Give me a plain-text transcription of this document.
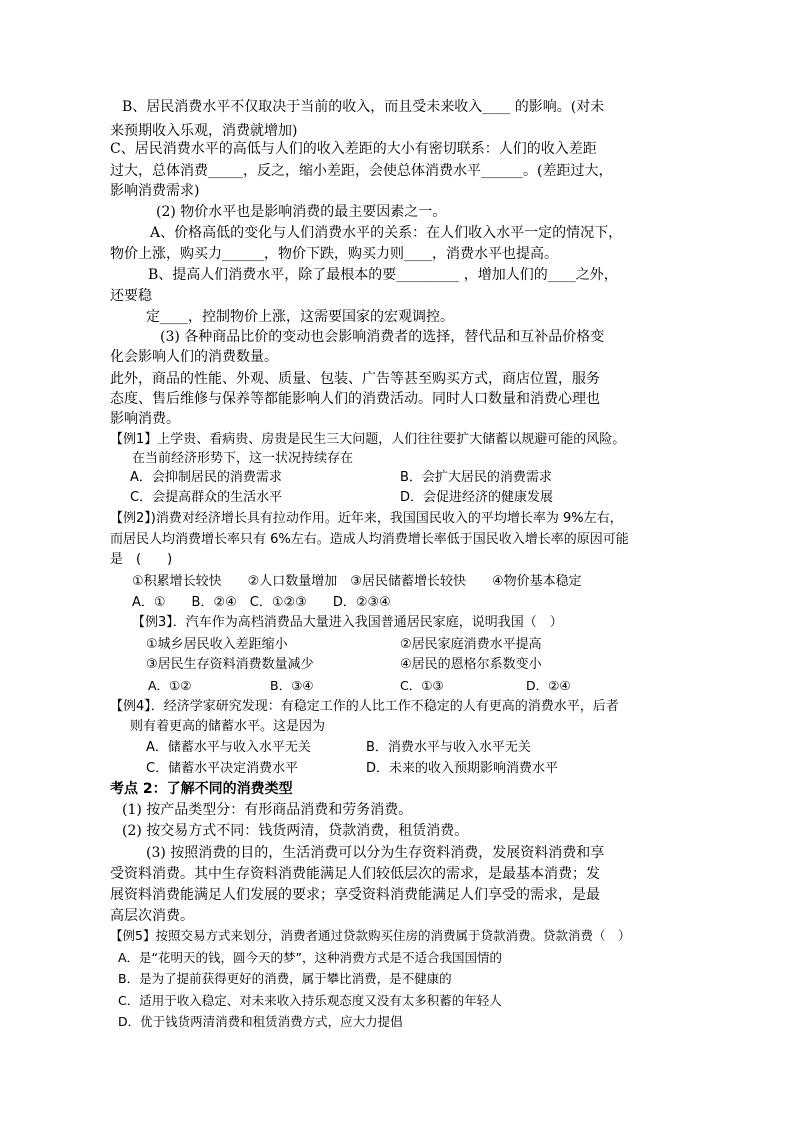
B、居民消费水平不仅取决于当前的收入，而且受未来收入____ 的影响。(对未
来预期收入乐观，消费就增加)
C、居民消费水平的高低与人们的收入差距的大小有密切联系：人们的收入差距
过大，总体消费_____，反之，缩小差距，会使总体消费水平______。(差距过大，
影响消费需求)
(2) 物价水平也是影响消费的最主要因素之一。
A、价格高低的变化与人们消费水平的关系：在人们收入水平一定的情况下，
物价上涨，购买力______，物价下跌，购买力则____，消费水平也提高。
B、提高人们消费水平，除了最根本的要_________ ，增加人们的____之外，
还要稳
定____，控制物价上涨，这需要国家的宏观调控。
(3) 各种商品比价的变动也会影响消费者的选择，替代品和互补品价格变
化会影响人们的消费数量。
此外，商品的性能、外观、质量、包装、广告等甚至购买方式，商店位置，服务
态度、售后维修与保养等都能影响人们的消费活动。同时人口数量和消费心理也
影响消费。
【例1】上学贵、看病贵、房贵是民生三大问题，人们往往要扩大储蓄以规避可能的风险。
在当前经济形势下，这一状况持续存在
A．会抑制居民的消费需求	B．会扩大居民的消费需求
C．会提高群众的生活水平	D．会促进经济的健康发展
【例2】)消费对经济增长具有拉动作用。近年来，我国国民收入的平均增长率为 9%左右，
而居民人均消费增长率只有 6%左右。造成人均消费增长率低于国民收入增长率的原因可能
是　(　　)
①积累增长较快　　②人口数量增加　③居民储蓄增长较快　　④物价基本稳定
A．①　　B．②④　C．①②③　　D．②③④
【例3】．汽车作为高档消费品大量进入我国普通居民家庭，说明我国（　）
①城乡居民收入差距缩小	②居民家庭消费水平提高
③居民生存资料消费数量减少	④居民的恩格尔系数变小
A．①②	B．③④	C．①③	D．②④
【例4】．经济学家研究发现：有稳定工作的人比工作不稳定的人有更高的消费水平，后者
则有着更高的储蓄水平。这是因为
A．储蓄水平与收入水平无关	B．消费水平与收入水平无关
C．储蓄水平决定消费水平	D．未来的收入预期影响消费水平
考点 2：了解不同的消费类型
(1) 按产品类型分：有形商品消费和劳务消费。
(2) 按交易方式不同：钱货两清，贷款消费，租赁消费。
(3) 按照消费的目的，生活消费可以分为生存资料消费，发展资料消费和享
受资料消费。其中生存资料消费能满足人们较低层次的需求，是最基本消费；发
展资料消费能满足人们发展的要求；享受资料消费能满足人们享受的需求，是最
高层次消费。
【例5】按照交易方式来划分，消费者通过贷款购买住房的消费属于贷款消费。贷款消费（　）
A．是“花明天的钱，圆今天的梦”，这种消费方式是不适合我国国情的
B．是为了提前获得更好的消费，属于攀比消费，是不健康的
C．适用于收入稳定、对未来收入持乐观态度又没有太多积蓄的年轻人
D．优于钱货两清消费和租赁消费方式，应大力提倡
